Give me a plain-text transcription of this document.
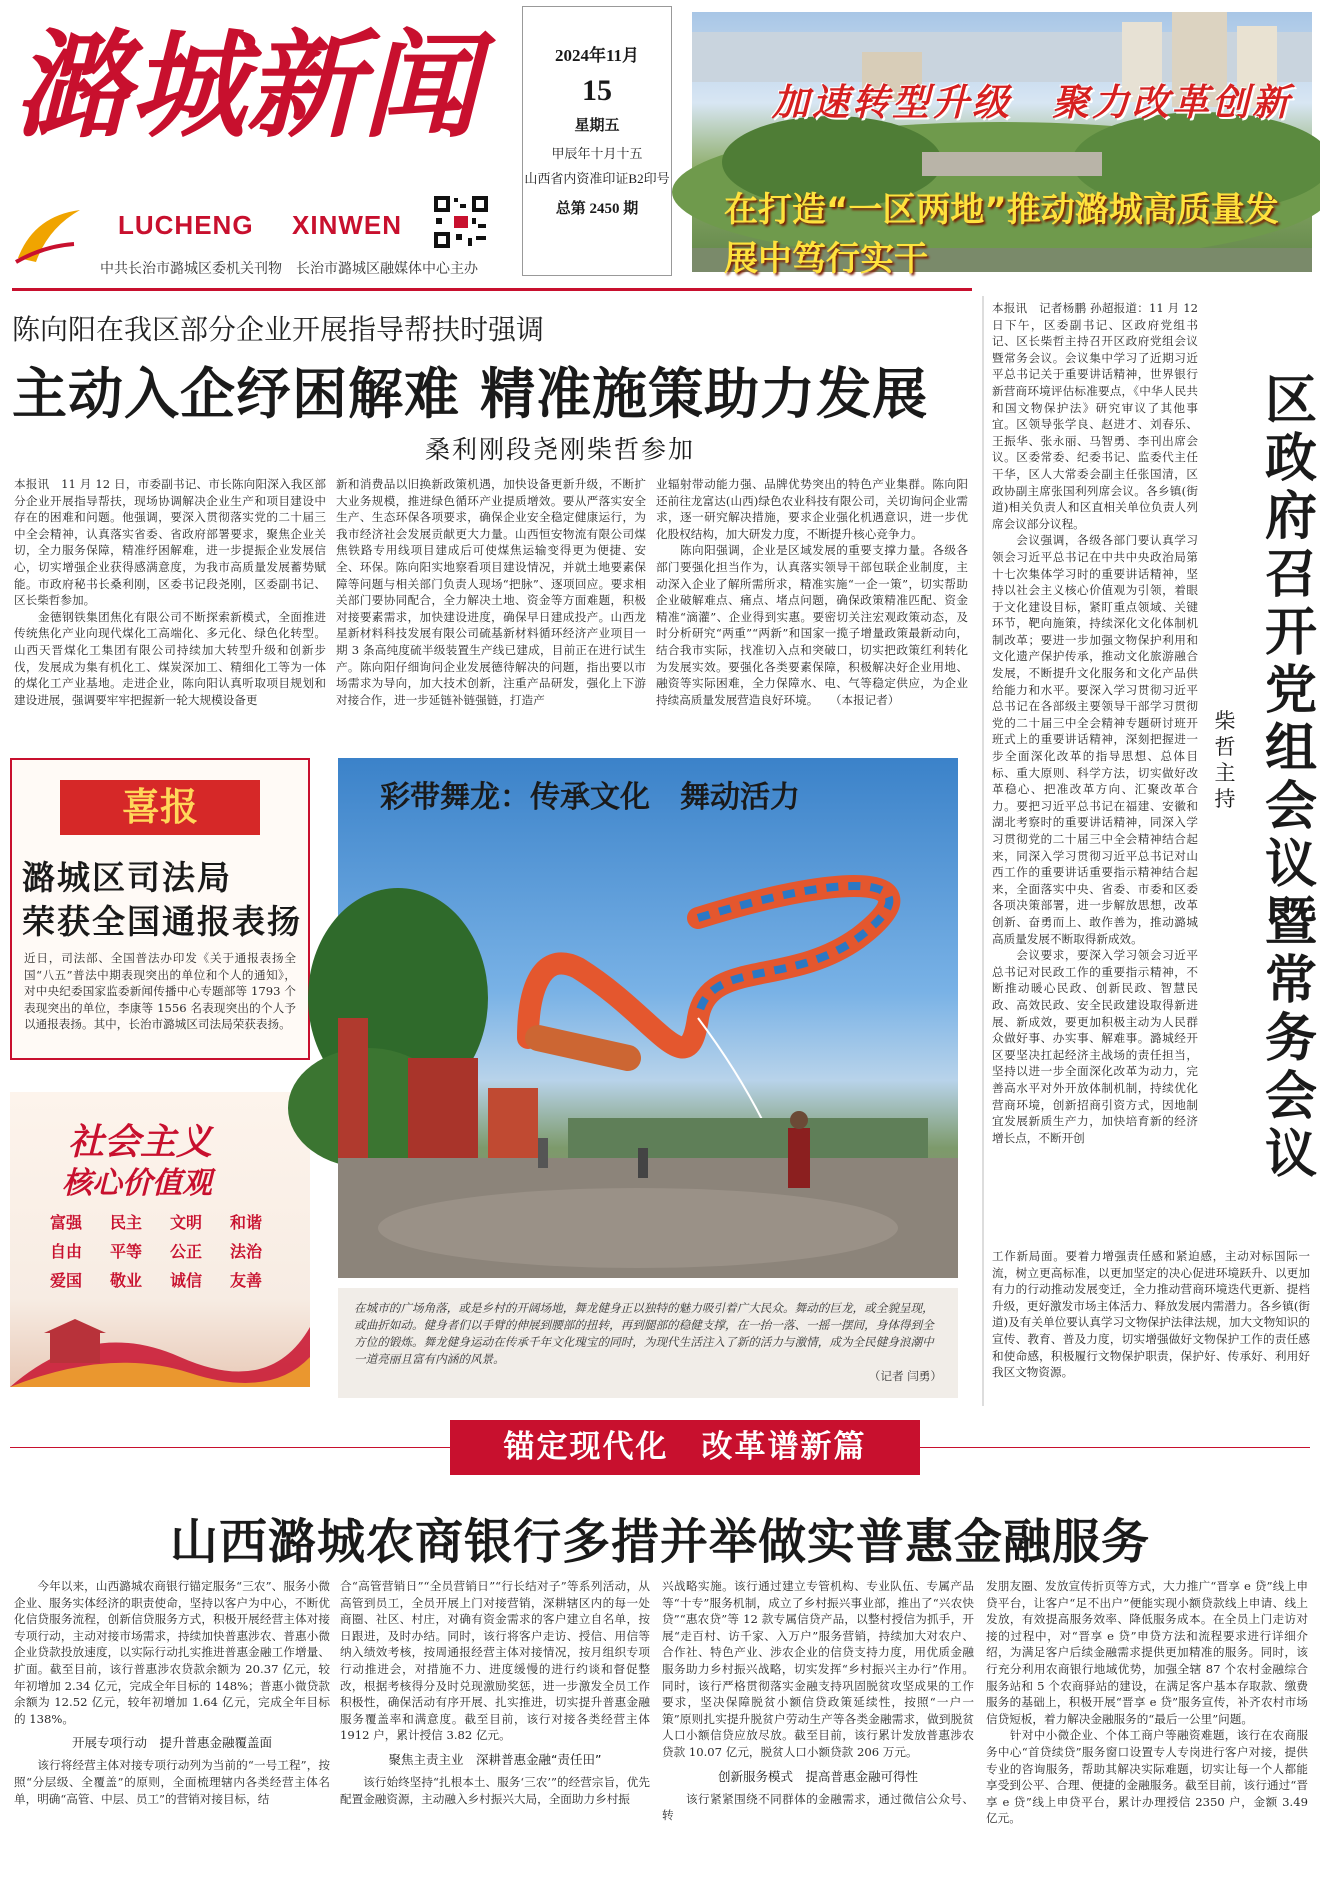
潞城新闻
LUCHENG XINWEN
中共长治市潞城区委机关刊物　长治市潞城区融媒体中心主办
2024年11月
15
星期五
甲辰年十月十五
山西省内资准印证B2印号
总第 2450 期
加速转型升级　聚力改革创新
在打造“一区两地”推动潞城高质量发展中笃行实干
陈向阳在我区部分企业开展指导帮扶时强调
主动入企纾困解难 精准施策助力发展
桑利刚段尧刚柴哲参加
本报讯　11 月 12 日，市委副书记、市长陈向阳深入我区部分企业开展指导帮扶，现场协调解决企业生产和项目建设中存在的困难和问题。他强调，要深入贯彻落实党的二十届三中全会精神，认真落实省委、省政府部署要求，聚焦企业关切，全力服务保障，精准纾困解难，进一步提振企业发展信心，切实增强企业获得感满意度，为我市高质量发展蓄势赋能。市政府秘书长桑利刚，区委书记段尧刚，区委副书记、区长柴哲参加。
　　金德钢铁集团焦化有限公司不断探索新模式，全面推进传统焦化产业向现代煤化工高端化、多元化、绿色化转型。山西天晋煤化工集团有限公司持续加大转型升级和创新步伐，发展成为集有机化工、煤炭深加工、精细化工等为一体的煤化工产业基地。走进企业，陈向阳认真听取项目规划和建设进展，强调要牢牢把握新一轮大规模设备更
新和消费品以旧换新政策机遇，加快设备更新升级，不断扩大业务规模，推进绿色循环产业提质增效。要从严落实安全生产、生态环保各项要求，确保企业安全稳定健康运行，为我市经济社会发展贡献更大力量。山西恒安物流有限公司煤焦铁路专用线项目建成后可使煤焦运输变得更为便捷、安全、环保。陈向阳实地察看项目建设情况，并就土地要素保障等问题与相关部门负责人现场“把脉”、逐项回应。要求相关部门要协同配合，全力解决土地、资金等方面难题，积极对接要素需求，加快建设进度，确保早日建成投产。山西龙星新材料科技发展有限公司硫基新材料循环经济产业项目一期 3 条高纯度硫半级装置生产线已建成，目前正在进行试生产。陈向阳仔细询问企业发展德待解决的问题，指出要以市场需求为导向，加大技术创新，注重产品研发，强化上下游对接合作，进一步延链补链强链，打造产
业辐射带动能力强、品牌优势突出的特色产业集群。陈向阳还前往龙富达(山西)绿色农业科技有限公司，关切询问企业需求，逐一研究解决措施，要求企业强化机遇意识，进一步优化股权结构，加大研发力度，不断提升核心竞争力。
　　陈向阳强调，企业是区域发展的重要支撑力量。各级各部门要强化担当作为，认真落实领导干部包联企业制度，主动深入企业了解所需所求，精准实施“一企一策”，切实帮助企业破解难点、痛点、堵点问题，确保政策精准匹配、资金精准“滴灌”、企业得到实惠。要密切关注宏观政策动态，及时分析研究“两重”“两新”和国家一揽子增量政策最新动向，结合我市实际，找准切入点和突破口，切实把政策红利转化为发展实效。要强化各类要素保障，积极解决好企业用地、融资等实际困难，全力保障水、电、气等稳定供应，为企业持续高质量发展营造良好环境。　　（本报记者）
喜报
潞城区司法局
荣获全国通报表扬
近日，司法部、全国普法办印发《关于通报表扬全国“八五”普法中期表现突出的单位和个人的通知》，对中央纪委国家监委新闻传播中心专题部等 1793 个表现突出的单位，李康等 1556 名表现突出的个人予以通报表扬。其中，长治市潞城区司法局荣获表扬。
社会主义
核心价值观
富强	民主	文明	和谐
自由	平等	公正	法治
爱国	敬业	诚信	友善
彩带舞龙：传承文化　舞动活力
在城市的广场角落，或是乡村的开阔场地，舞龙健身正以独特的魅力吸引着广大民众。舞动的巨龙，或全貌呈现，或曲折如动。健身者们以手臂的伸展到腰部的扭转，再到腿部的稳健支撑，在一抬一落、一摇一摆间，身体得到全方位的锻炼。舞龙健身运动在传承千年文化瑰宝的同时，为现代生活注入了新的活力与激情，成为全民健身浪潮中一道亮丽且富有内涵的风景。
（记者 闫勇）
本报讯　记者杨鹏 孙超报道：11 月 12 日下午，区委副书记、区政府党组书记、区长柴哲主持召开区政府党组会议暨常务会议。会议集中学习了近期习近平总书记关于重要讲话精神，世界银行新营商环境评估标准要点，《中华人民共和国文物保护法》研究审议了其他事宜。区领导张学良、赵进才、刘春乐、王振华、张永丽、马智勇、李刊出席会议。区委常委、纪委书记、监委代主任干华，区人大常委会副主任张国清，区政协副主席张国利列席会议。各乡镇(街道)相关负责人和区直相关单位负责人列席会议部分议程。
　　会议强调，各级各部门要认真学习领会习近平总书记在中共中央政治局第十七次集体学习时的重要讲话精神，坚持以社会主义核心价值观为引领，着眼于文化建设目标，紧盯重点领域、关键环节，靶向施策，持续深化文化体制机制改革；要进一步加强文物保护利用和文化遗产保护传承，推动文化旅游融合发展，不断提升文化服务和文化产品供给能力和水平。要深入学习贯彻习近平总书记在各部级主要领导干部学习贯彻党的二十届三中全会精神专题研讨班开班式上的重要讲话精神，深刻把握进一步全面深化改革的指导思想、总体目标、重大原则、科学方法，切实做好改革稳心、把准改革方向、汇聚改革合力。要把习近平总书记在福建、安徽和湖北考察时的重要讲话精神，同深入学习贯彻党的二十届三中全会精神结合起来，同深入学习贯彻习近平总书记对山西工作的重要讲话重要指示精神结合起来，全面落实中央、省委、市委和区委各项决策部署，进一步解放思想，改革创新、奋勇而上、敢作善为，推动潞城高质量发展不断取得新成效。
　　会议要求，要深入学习领会习近平总书记对民政工作的重要指示精神，不断推动暖心民政、创新民政、智慧民政、高效民政、安全民政建设取得新进展、新成效，要更加积极主动为人民群众做好事、办实事、解难事。潞城经开区要坚决扛起经济主战场的责任担当，坚持以进一步全面深化改革为动力，完善高水平对外开放体制机制，持续优化营商环境，创新招商引资方式，因地制宜发展新质生产力，加快培育新的经济增长点，不断开创
区政府召开党组会议暨常务会议
柴哲主持
工作新局面。要着力增强责任感和紧迫感，主动对标国际一流，树立更高标准，以更加坚定的决心促进环境跃升、以更加有力的行动推动发展变迁，全力推动营商环境迭代更新、提档升级，更好激发市场主体活力、释放发展内需潜力。各乡镇(街道)及有关单位要认真学习文物保护法律法规，加大文物知识的宣传、教育、普及力度，切实增强做好文物保护工作的责任感和使命感，积极履行文物保护职责，保护好、传承好、利用好我区文物资源。
锚定现代化　改革谱新篇
山西潞城农商银行多措并举做实普惠金融服务
　　今年以来，山西潞城农商银行锚定服务“三农”、服务小微企业、服务实体经济的职责使命，坚持以客户为中心，不断优化信贷服务流程，创新信贷服务方式，积极开展经营主体对接专项行动，主动对接市场需求，持续加快普惠涉农、普惠小微企业贷款投放速度，以实际行动扎实推进普惠金融工作增量、扩面。截至目前，该行普惠涉农贷款余额为 20.37 亿元，较年初增加 2.34 亿元，完成全年目标的 148%；普惠小微贷款余额为 12.52 亿元，较年初增加 1.64 亿元，完成全年目标的 138%。
开展专项行动　提升普惠金融覆盖面
　　该行将经营主体对接专项行动列为当前的“一号工程”，按照“分层级、全覆盖”的原则，全面梳理辖内各类经营主体名单，明确“高管、中层、员工”的营销对接目标，结
合“高管营销日”“全员营销日”“行长结对子”等系列活动，从高管到员工，全员开展上门对接营销，深耕辖区内的每一处商圈、社区、村庄，对确有资金需求的客户建立自名单，按日跟进，及时办结。同时，该行将客户走访、授信、用信等纳入绩效考核，按周通报经营主体对接情况，按月组织专项行动推进会，对措施不力、进度缓慢的进行约谈和督促整改，根据考核得分及时兑现激励奖惩，进一步激发全员工作积极性，确保活动有序开展、扎实推进，切实提升普惠金融服务覆盖率和满意度。截至目前，该行对接各类经营主体 1912 户，累计授信 3.82 亿元。
聚焦主责主业　深耕普惠金融“责任田”
　　该行始终坚持“扎根本土、服务‘三农’”的经营宗旨，优先配置金融资源，主动融入乡村振兴大局，全面助力乡村振
兴战略实施。该行通过建立专管机构、专业队伍、专属产品等“十专”服务机制，成立了乡村振兴事业部，推出了“兴农快贷”“惠农贷”等 12 款专属信贷产品，以整村授信为抓手，开展“走百村、访千家、入万户”服务营销，持续加大对农户、合作社、特色产业、涉农企业的信贷支持力度，用优质金融服务助力乡村振兴战略，切实发挥“乡村振兴主办行”作用。同时，该行严格贯彻落实金融支持巩固脱贫攻坚成果的工作要求，坚决保障脱贫小额信贷政策延续性，按照“一户一策”原则扎实提升脱贫户劳动生产等各类金融需求，做到脱贫人口小额信贷应放尽放。截至目前，该行累计发放普惠涉农贷款 10.07 亿元，脱贫人口小额贷款 206 万元。
创新服务模式　提高普惠金融可得性
　　该行紧紧围绕不同群体的金融需求，通过微信公众号、转
发朋友圈、发放宣传折页等方式，大力推广“晋享 e 贷”线上申贷平台，让客户“足不出户”便能实现小额贷款线上申请、线上发放，有效提高服务效率、降低服务成本。在全员上门走访对接的过程中，对“晋享 e 贷”申贷方法和流程要求进行详细介绍，为满足客户后续金融需求提供更加精准的服务。同时，该行充分利用农商银行地域优势，加强全辖 87 个农村金融综合服务站和 5 个农商驿站的建设，在满足客户基本存取款、缴费服务的基础上，积极开展“晋享 e 贷”服务宣传，补齐农村市场信贷短板，着力解决金融服务的“最后一公里”问题。
　　针对中小微企业、个体工商户等融资难题，该行在农商服务中心“首贷续贷”服务窗口设置专人专岗进行客户对接，提供专业的咨询服务，帮助其解决实际难题，切实让每一个人都能享受到公平、合理、便捷的金融服务。截至目前，该行通过“晋享 e 贷”线上申贷平台，累计办理授信 2350 户，金额 3.49 亿元。
